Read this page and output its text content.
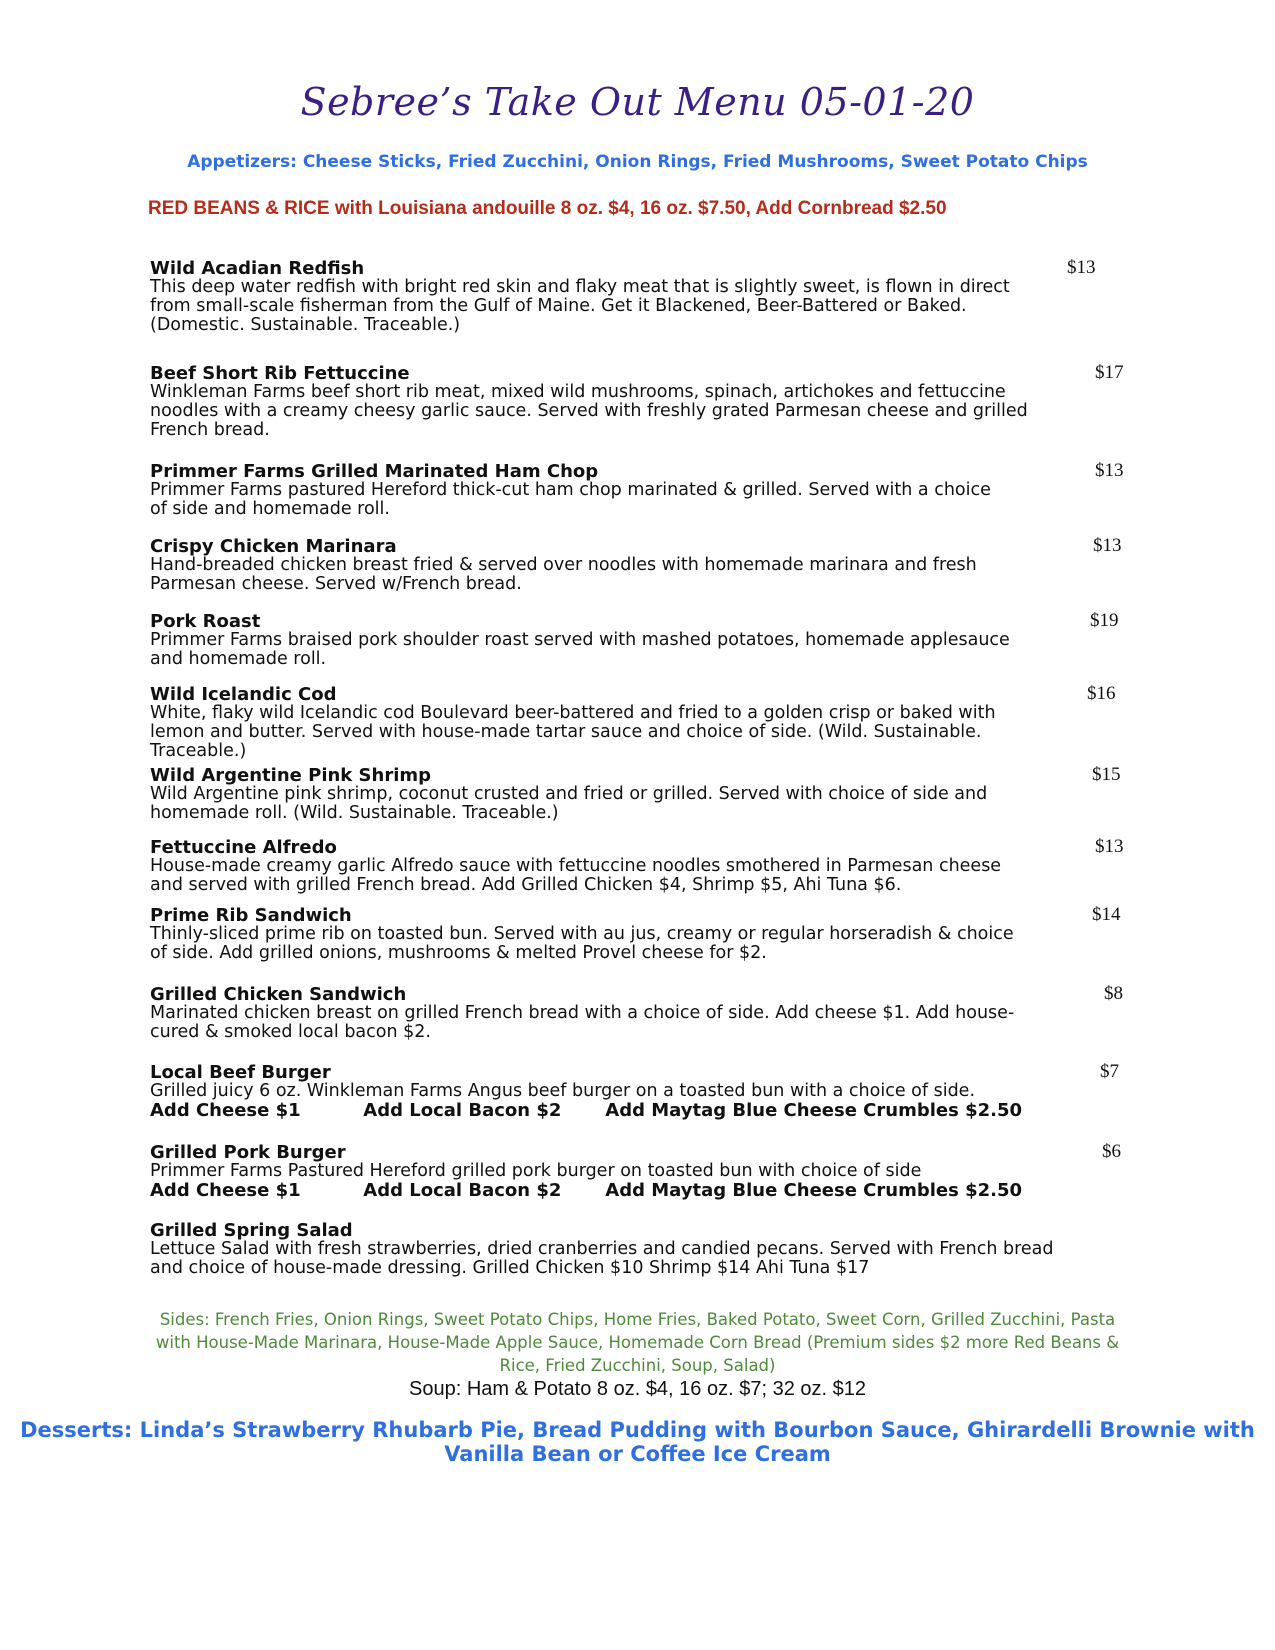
Sebree’s Take Out Menu 05-01-20
Appetizers: Cheese Sticks, Fried Zucchini, Onion Rings, Fried Mushrooms, Sweet Potato Chips
RED BEANS & RICE with Louisiana andouille 8 oz. $4, 16 oz. $7.50, Add Cornbread $2.50
Wild Acadian Redfish
This deep water redfish with bright red skin and flaky meat that is slightly sweet, is flown in direct
from small-scale fisherman from the Gulf of Maine. Get it Blackened, Beer-Battered or Baked.
(Domestic. Sustainable. Traceable.)
$13
Beef Short Rib Fettuccine
Winkleman Farms beef short rib meat, mixed wild mushrooms, spinach, artichokes and fettuccine
noodles with a creamy cheesy garlic sauce. Served with freshly grated Parmesan cheese and grilled
French bread.
$17
Primmer Farms Grilled Marinated Ham Chop
Primmer Farms pastured Hereford thick-cut ham chop marinated & grilled. Served with a choice
of side and homemade roll.
$13
Crispy Chicken Marinara
Hand-breaded chicken breast fried & served over noodles with homemade marinara and fresh
Parmesan cheese. Served w/French bread.
$13
Pork Roast
Primmer Farms braised pork shoulder roast served with mashed potatoes, homemade applesauce
and homemade roll.
$19
Wild Icelandic Cod
White, flaky wild Icelandic cod Boulevard beer-battered and fried to a golden crisp or baked with
lemon and butter. Served with house-made tartar sauce and choice of side. (Wild. Sustainable.
Traceable.)
$16
Wild Argentine Pink Shrimp
Wild Argentine pink shrimp, coconut crusted and fried or grilled. Served with choice of side and
homemade roll. (Wild. Sustainable. Traceable.)
$15
Fettuccine Alfredo
House-made creamy garlic Alfredo sauce with fettuccine noodles smothered in Parmesan cheese
and served with grilled French bread. Add Grilled Chicken $4, Shrimp $5, Ahi Tuna $6.
$13
Prime Rib Sandwich
Thinly-sliced prime rib on toasted bun. Served with au jus, creamy or regular horseradish & choice
of side. Add grilled onions, mushrooms & melted Provel cheese for $2.
$14
Grilled Chicken Sandwich
Marinated chicken breast on grilled French bread with a choice of side. Add cheese $1. Add house-
cured & smoked local bacon $2.
$8
Local Beef Burger
Grilled juicy 6 oz. Winkleman Farms Angus beef burger on a toasted bun with a choice of side.
Add Cheese $1          Add Local Bacon $2       Add Maytag Blue Cheese Crumbles $2.50
$7
Grilled Pork Burger
Primmer Farms Pastured Hereford grilled pork burger on toasted bun with choice of side
Add Cheese $1          Add Local Bacon $2       Add Maytag Blue Cheese Crumbles $2.50
$6
Grilled Spring Salad
Lettuce Salad with fresh strawberries, dried cranberries and candied pecans. Served with French bread
and choice of house-made dressing. Grilled Chicken $10 Shrimp $14 Ahi Tuna $17
Sides: French Fries, Onion Rings, Sweet Potato Chips, Home Fries, Baked Potato, Sweet Corn, Grilled Zucchini, Pasta with House-Made Marinara, House-Made Apple Sauce, Homemade Corn Bread (Premium sides $2 more Red Beans & Rice, Fried Zucchini, Soup, Salad)
Soup: Ham & Potato 8 oz. $4, 16 oz. $7; 32 oz. $12
Desserts: Linda’s Strawberry Rhubarb Pie, Bread Pudding with Bourbon Sauce, Ghirardelli Brownie with Vanilla Bean or Coffee Ice Cream
